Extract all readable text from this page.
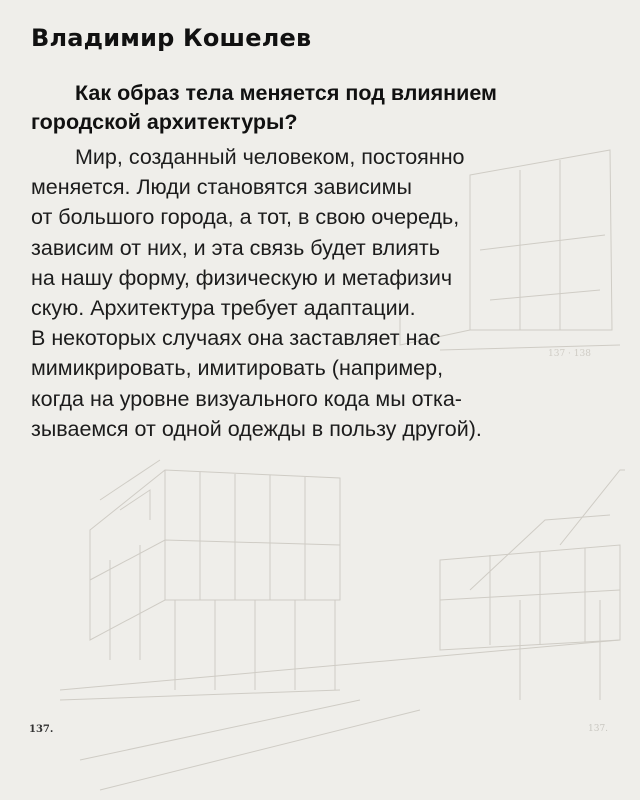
Владимир Кошелев
Как образ тела меняется под влиянием
городской архитектуры?
Мир, созданный человеком, постоянно
меняется. Люди становятся зависимы
от большого города, а тот, в свою очередь,
зависим от них, и эта связь будет влиять
на нашу форму, физическую и метафизич
скую. Архитектура требует адаптации.
В некоторых случаях она заставляет нас
мимикрировать, имитировать (например,
когда на уровне визуального кода мы отка-
зываемся от одной одежды в пользу другой).
137 · 138
137.	137.
